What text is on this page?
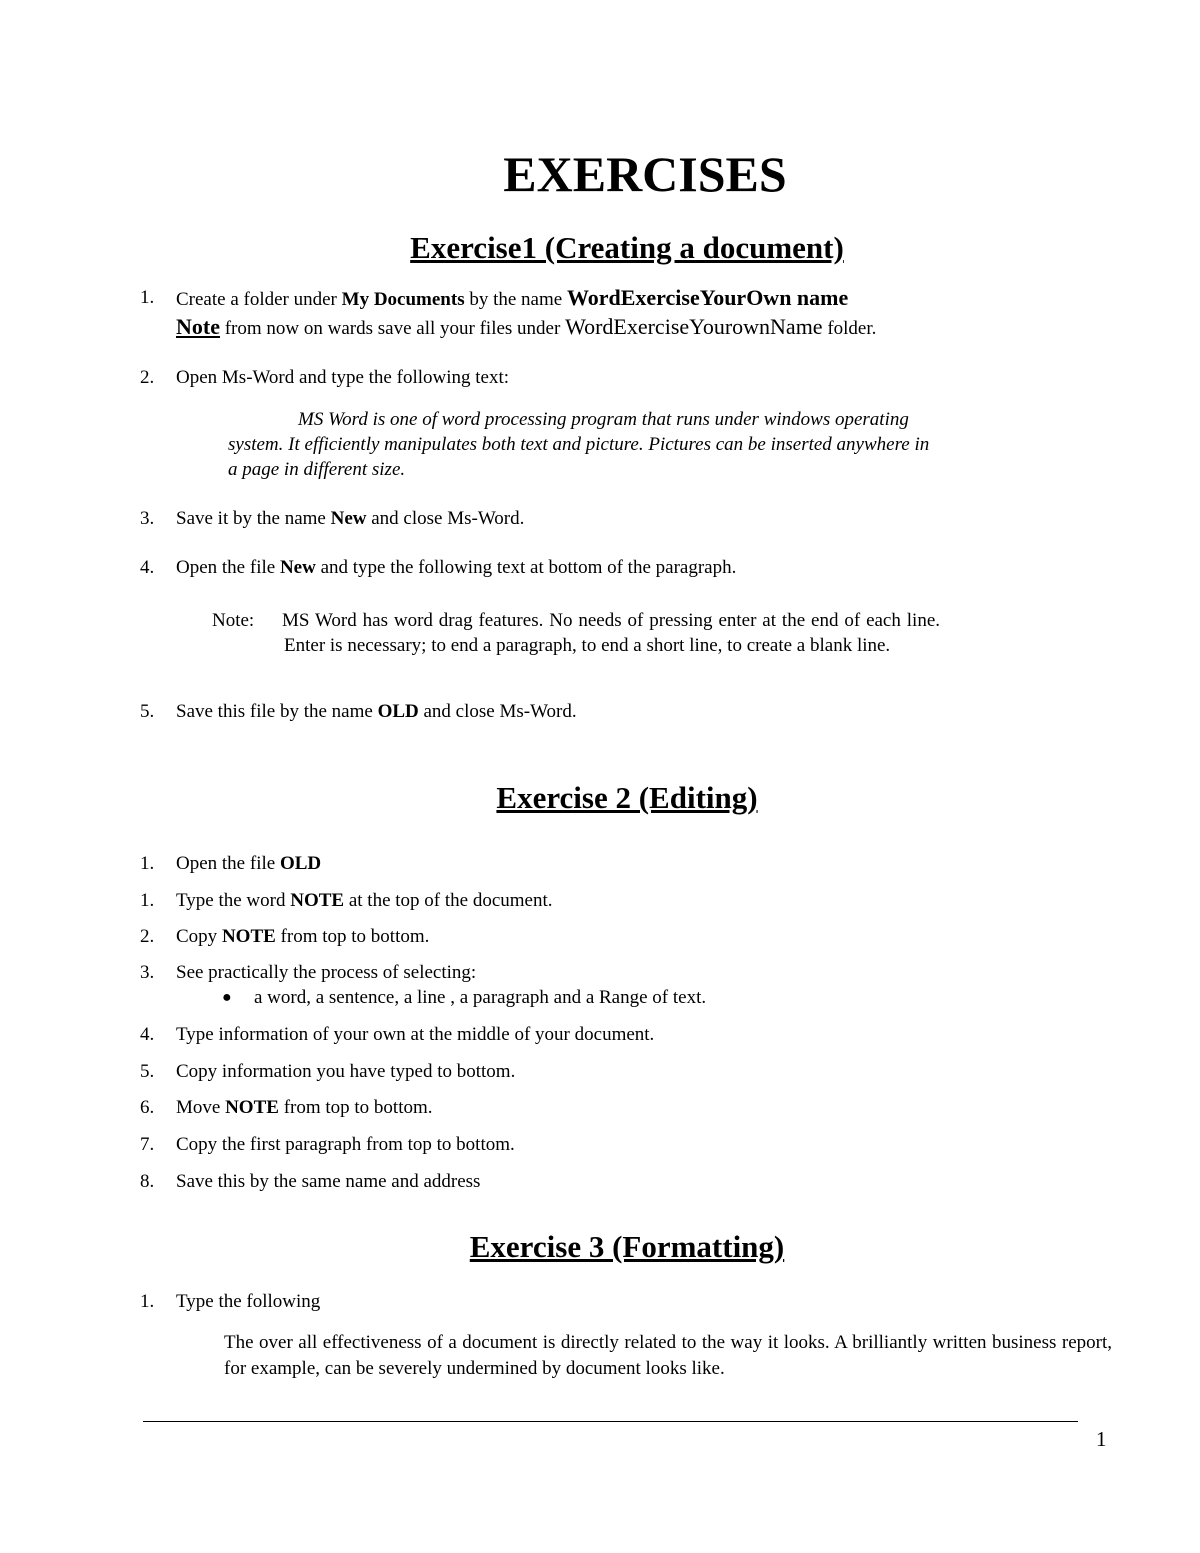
EXERCISES
Exercise1 (Creating a document)
1. Create a folder under My Documents by the name WordExerciseYourOwn name
Note from now on wards save all your files under WordExerciseYourownName folder.
2. Open Ms-Word and type the following text:

MS Word is one of word processing program that runs under windows operating system. It efficiently manipulates both text and picture. Pictures can be inserted anywhere in a page in different size.

3. Save it by the name New and close Ms-Word.
4. Open the file New and type the following text at bottom of the paragraph.
Note: MS Word has word drag features. No needs of pressing enter at the end of each line. Enter is necessary; to end a paragraph, to end a short line, to create a blank line.
5. Save this file by the name OLD and close Ms-Word.
Exercise 2 (Editing)
1. Open the file OLD
1. Type the word NOTE at the top of the document.
2. Copy NOTE from top to bottom.
3. See practically the process of selecting:
● a word, a sentence, a line , a paragraph and a Range of text.
4. Type information of your own at the middle of your document.
5. Copy information you have typed to bottom.
6. Move NOTE from top to bottom.
7. Copy the first paragraph from top to bottom.
8. Save this by the same name and address
Exercise 3 (Formatting)
1. Type the following

The over all effectiveness of a document is directly related to the way it looks. A brilliantly written business report, for example, can be severely undermined by document looks like.

1
